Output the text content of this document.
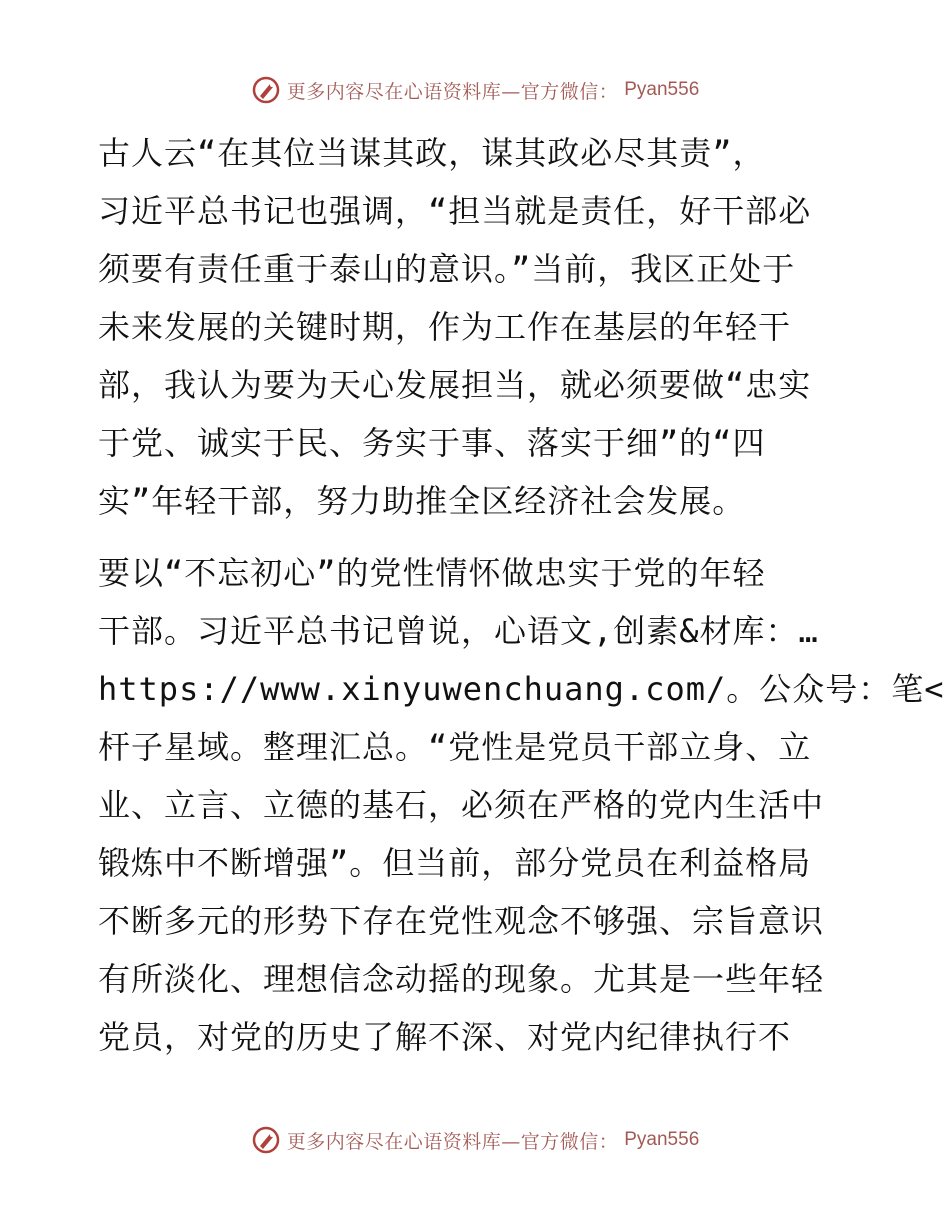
更多内容尽在心语资料库—官方微信： Pyan556
古人云“在其位当谋其政，谋其政必尽其责”，
习近平总书记也强调，“担当就是责任，好干部必
须要有责任重于泰山的意识。”当前，我区正处于
未来发展的关键时期，作为工作在基层的年轻干
部，我认为要为天心发展担当，就必须要做“忠实
于党、诚实于民、务实于事、落实于细”的“四
实”年轻干部，努力助推全区经济社会发展。
要以“不忘初心”的党性情怀做忠实于党的年轻
干部。习近平总书记曾说，心语文,创素&材库：…
https://www.xinyuwenchuang.com/。公众号：笔<
杆子星域。整理汇总。“党性是党员干部立身、立
业、立言、立德的基石，必须在严格的党内生活中
锻炼中不断增强”。但当前，部分党员在利益格局
不断多元的形势下存在党性观念不够强、宗旨意识
有所淡化、理想信念动摇的现象。尤其是一些年轻
党员，对党的历史了解不深、对党内纪律执行不
更多内容尽在心语资料库—官方微信： Pyan556
